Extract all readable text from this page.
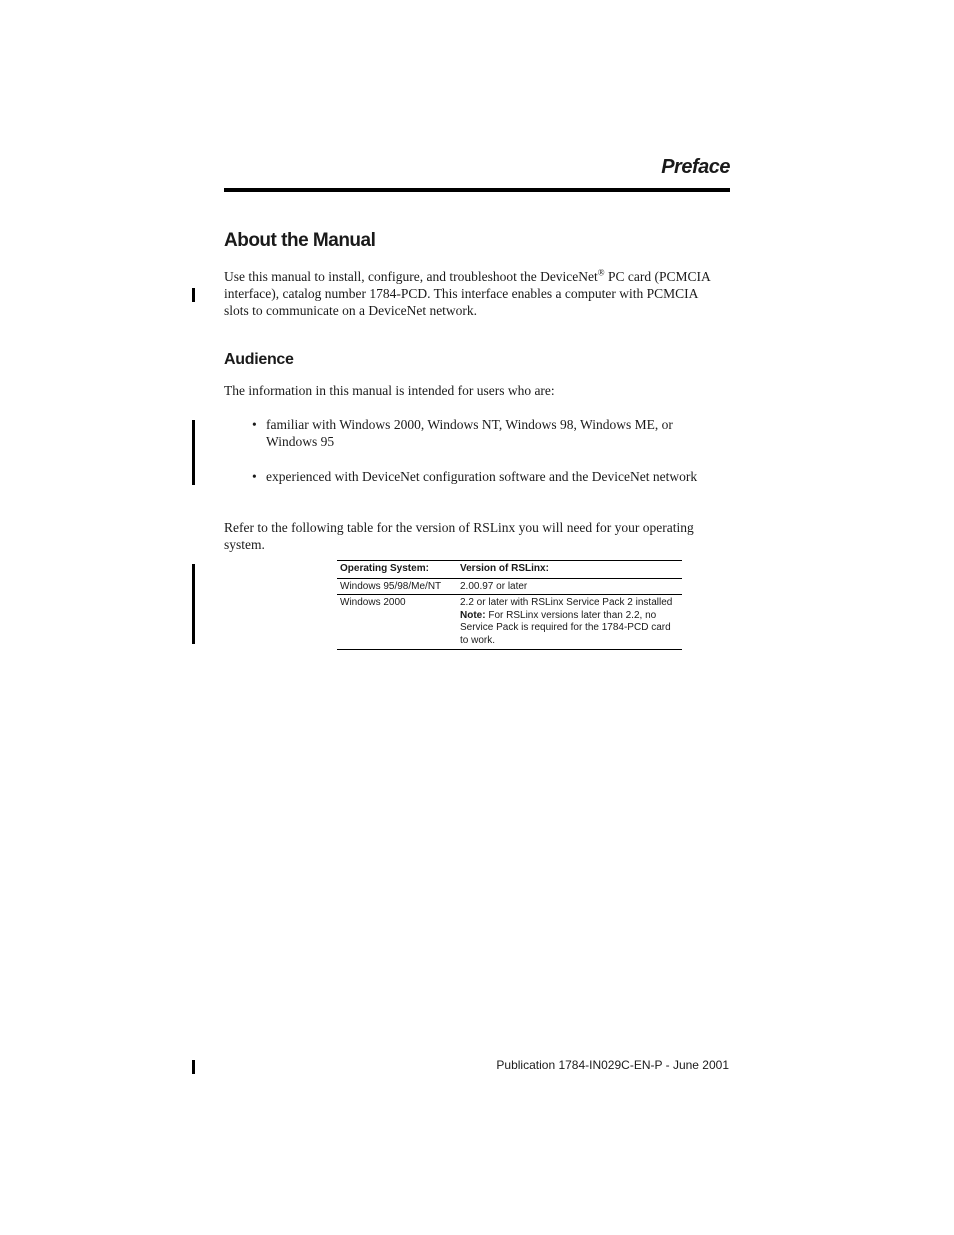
Preface
About the Manual

Use this manual to install, configure, and troubleshoot the DeviceNet® PC card (PCMCIA interface), catalog number 1784-PCD. This interface enables a computer with PCMCIA slots to communicate on a DeviceNet network.

Audience

The information in this manual is intended for users who are:

• familiar with Windows 2000, Windows NT, Windows 98, Windows ME, or Windows 95
• experienced with DeviceNet configuration software and the DeviceNet network

Refer to the following table for the version of RSLinx you will need for your operating system.

Operating System:	Version of RSLinx:
Windows 95/98/Me/NT	2.00.97 or later
Windows 2000	2.2 or later with RSLinx Service Pack 2 installed
Note: For RSLinx versions later than 2.2, no Service Pack is required for the 1784-PCD card to work.

Publication 1784-IN029C-EN-P - June 2001
